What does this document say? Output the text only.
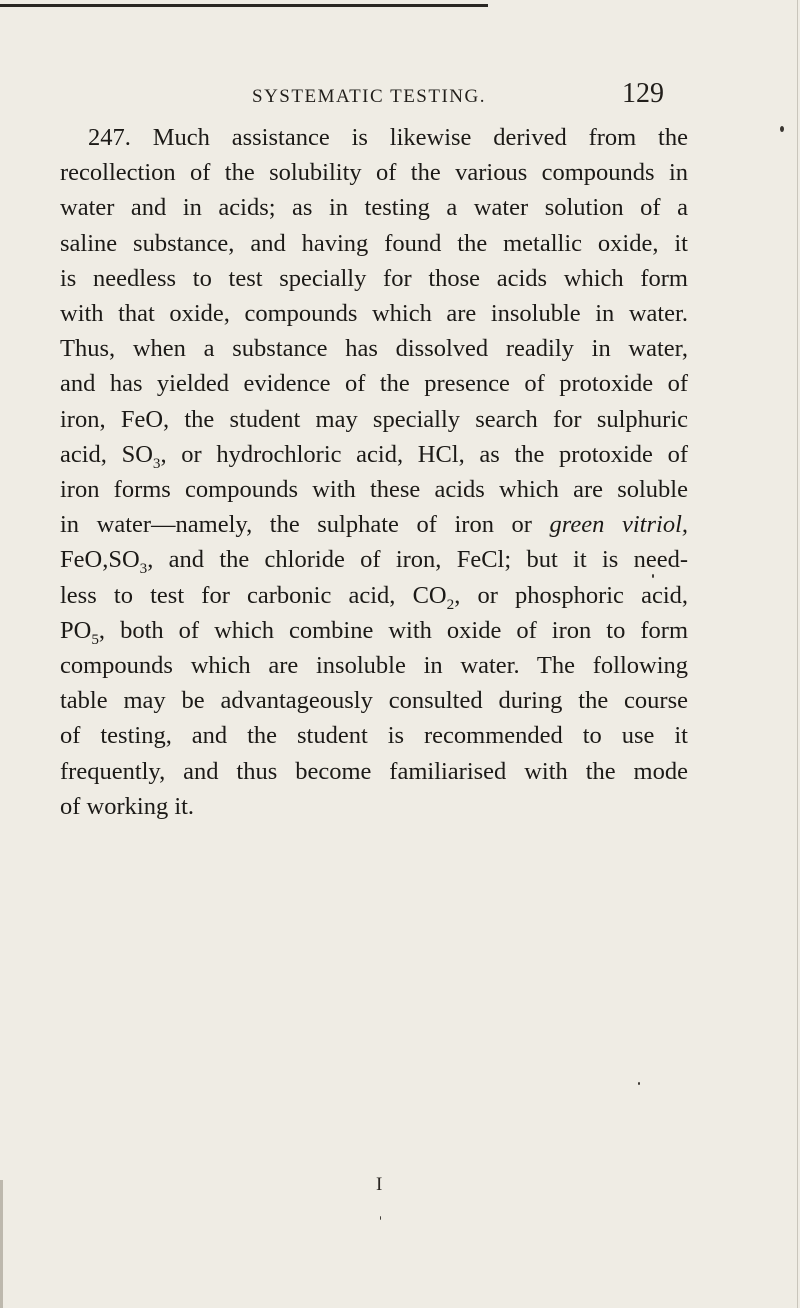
SYSTEMATIC TESTING.	129
247. Much assistance is likewise derived from the
recollection of the solubility of the various compounds in
water and in acids; as in testing a water solution of a
saline substance, and having found the metallic oxide, it
is needless to test specially for those acids which form
with that oxide, compounds which are insoluble in water.
Thus, when a substance has dissolved readily in water,
and has yielded evidence of the presence of protoxide of
iron, FeO, the student may specially search for sulphuric
acid, $SO_3$, or hydrochloric acid, HCl, as the protoxide of
iron forms compounds with these acids which are soluble
in water—namely, the sulphate of iron or green vitriol,
$FeO,SO_3$, and the chloride of iron, FeCl; but it is need-
less to test for carbonic acid, $CO_2$, or phosphoric acid,
$PO_5$, both of which combine with oxide of iron to form
compounds which are insoluble in water. The following
table may be advantageously consulted during the course
of testing, and the student is recommended to use it
frequently, and thus become familiarised with the mode
of working it.
I
